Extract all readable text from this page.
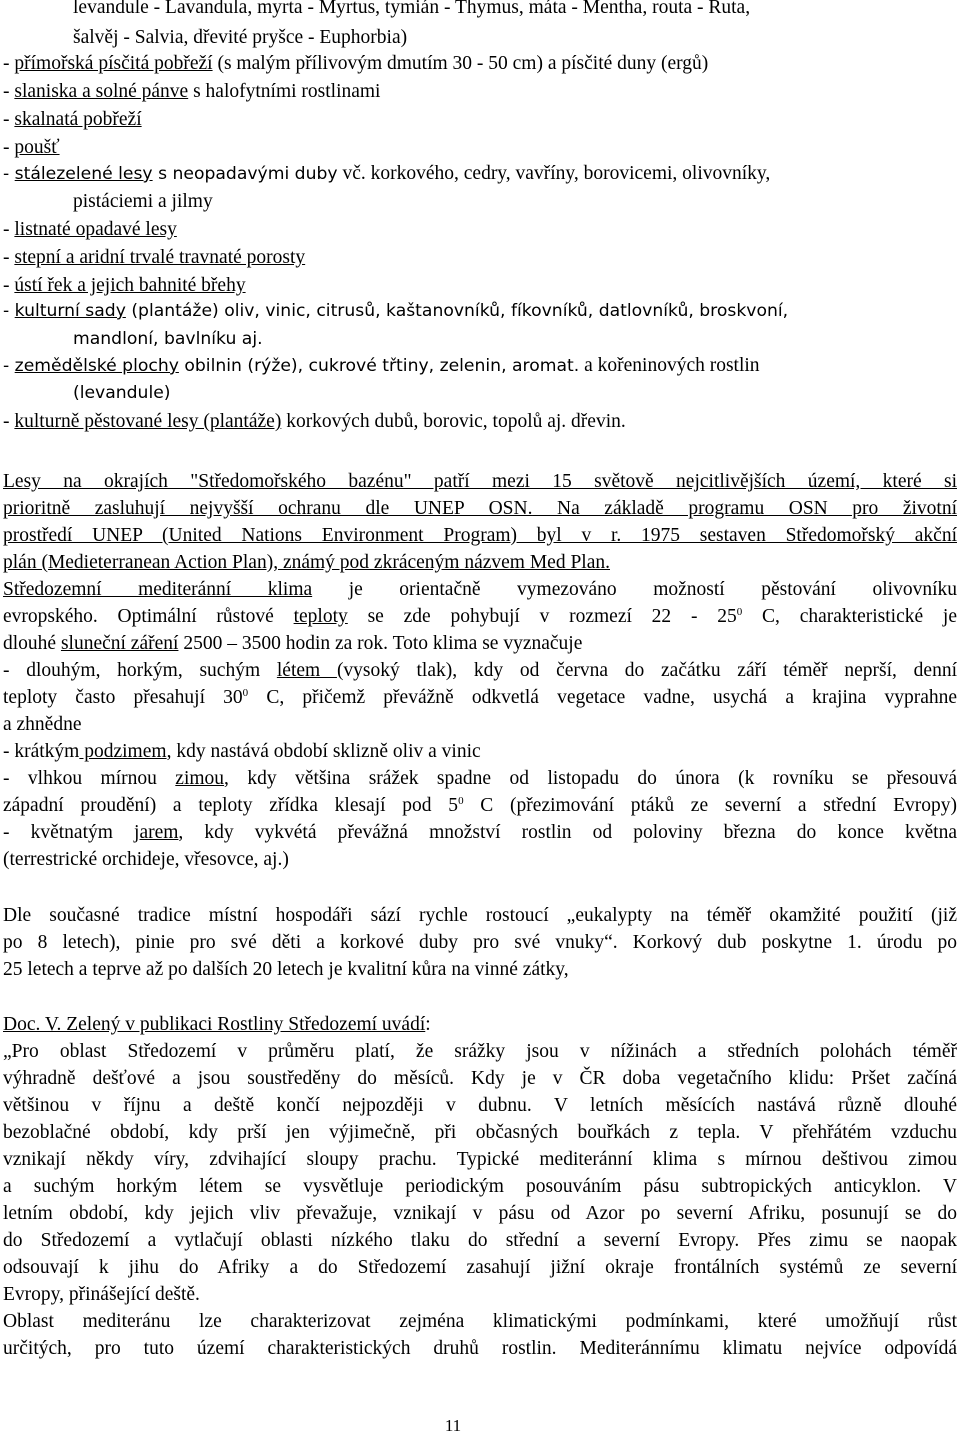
levandule - Lavandula, myrta - Myrtus, tymián - Thymus, máta - Mentha, routa - Ruta,
šalvěj - Salvia, dřevité pryšce - Euphorbia)
- přímořská písčitá pobřeží (s malým přílivovým dmutím 30 - 50 cm) a písčité duny (ergů)
- slaniska a solné pánve s halofytními rostlinami
- skalnatá pobřeží
- poušť
- stálezelené lesy s neopadavými duby vč. korkového, cedry, vavříny, borovicemi, olivovníky,
pistáciemi a jilmy
- listnaté opadavé lesy
- stepní a aridní trvalé travnaté porosty
- ústí řek a jejich bahnité břehy
- kulturní sady (plantáže) oliv, vinic, citrusů, kaštanovníků, fíkovníků, datlovníků, broskvoní,
mandloní, bavlníku aj.
- zemědělské plochy obilnin (rýže), cukrové třtiny, zelenin, aromat. a kořeninových rostlin
(levandule)
- kulturně pěstované lesy (plantáže) korkových dubů, borovic, topolů aj. dřevin.
Lesy na okrajích "Středomořského bazénu" patří mezi 15 světově nejcitlivějších území, které si
prioritně zasluhují nejvyšší ochranu dle UNEP OSN. Na základě programu OSN pro životní
prostředí UNEP (United Nations Environment Program) byl v r. 1975 sestaven Středomořský akční
plán (Medieterranean Action Plan), známý pod zkráceným názvem Med Plan.
Středozemní mediteránní klima je orientačně vymezováno možností pěstování olivovníku
evropského. Optimální růstové teploty se zde pohybují v rozmezí $22 - 25^0$ C, charakteristické je
dlouhé sluneční záření 2500 – 3500 hodin za rok. Toto klima se vyznačuje
- dlouhým, horkým, suchým létem (vysoký tlak), kdy od června do začátku září téměř neprší, denní
teploty často přesahují $30^0$ C, přičemž převážně odkvetlá vegetace vadne, usychá a krajina vyprahne
a zhnědne
- krátkým podzimem, kdy nastává období sklizně oliv a vinic
- vlhkou mírnou zimou, kdy většina srážek spadne od listopadu do února (k rovníku se přesouvá
západní proudění) a teploty zřídka klesají pod $5^0$ C (přezimování ptáků ze severní a střední Evropy)
- květnatým jarem, kdy vykvétá převážná množství rostlin od poloviny března do konce května
(terrestrické orchideje, vřesovce, aj.)
Dle současné tradice místní hospodáři sází rychle rostoucí „eukalypty na téměř okamžité použití (již
po 8 letech), pinie pro své děti a korkové duby pro své vnuky“. Korkový dub poskytne 1. úrodu po
25 letech a teprve až po dalších 20 letech je kvalitní kůra na vinné zátky,
Doc. V. Zelený v publikaci Rostliny Středozemí uvádí:
„Pro oblast Středozemí v průměru platí, že srážky jsou v nížinách a středních polohách téměř
výhradně dešťové a jsou soustředěny do měsíců. Kdy je v ČR doba vegetačního klidu: Pršet začíná
většinou v říjnu a deště končí nejpozději v dubnu. V letních měsících nastává různě dlouhé
bezoblačné období, kdy prší jen výjimečně, při občasných bouřkách z tepla. V přehřátém vzduchu
vznikají někdy víry, zdvihající sloupy prachu. Typické mediteránní klima s mírnou deštivou zimou
a suchým horkým létem se vysvětluje periodickým posouváním pásu subtropických anticyklon. V
letním období, kdy jejich vliv převažuje, vznikají v pásu od Azor po severní Afriku, posunují se do
do Středozemí a vytlačují oblasti nízkého tlaku do střední a severní Evropy. Přes zimu se naopak
odsouvají k jihu do Afriky a do Středozemí zasahují jižní okraje frontálních systémů ze severní
Evropy, přinášející deště.
Oblast mediteránu lze charakterizovat zejména klimatickými podmínkami, které umožňují růst
určitých, pro tuto území charakteristických druhů rostlin. Mediteránnímu klimatu nejvíce odpovídá
11
